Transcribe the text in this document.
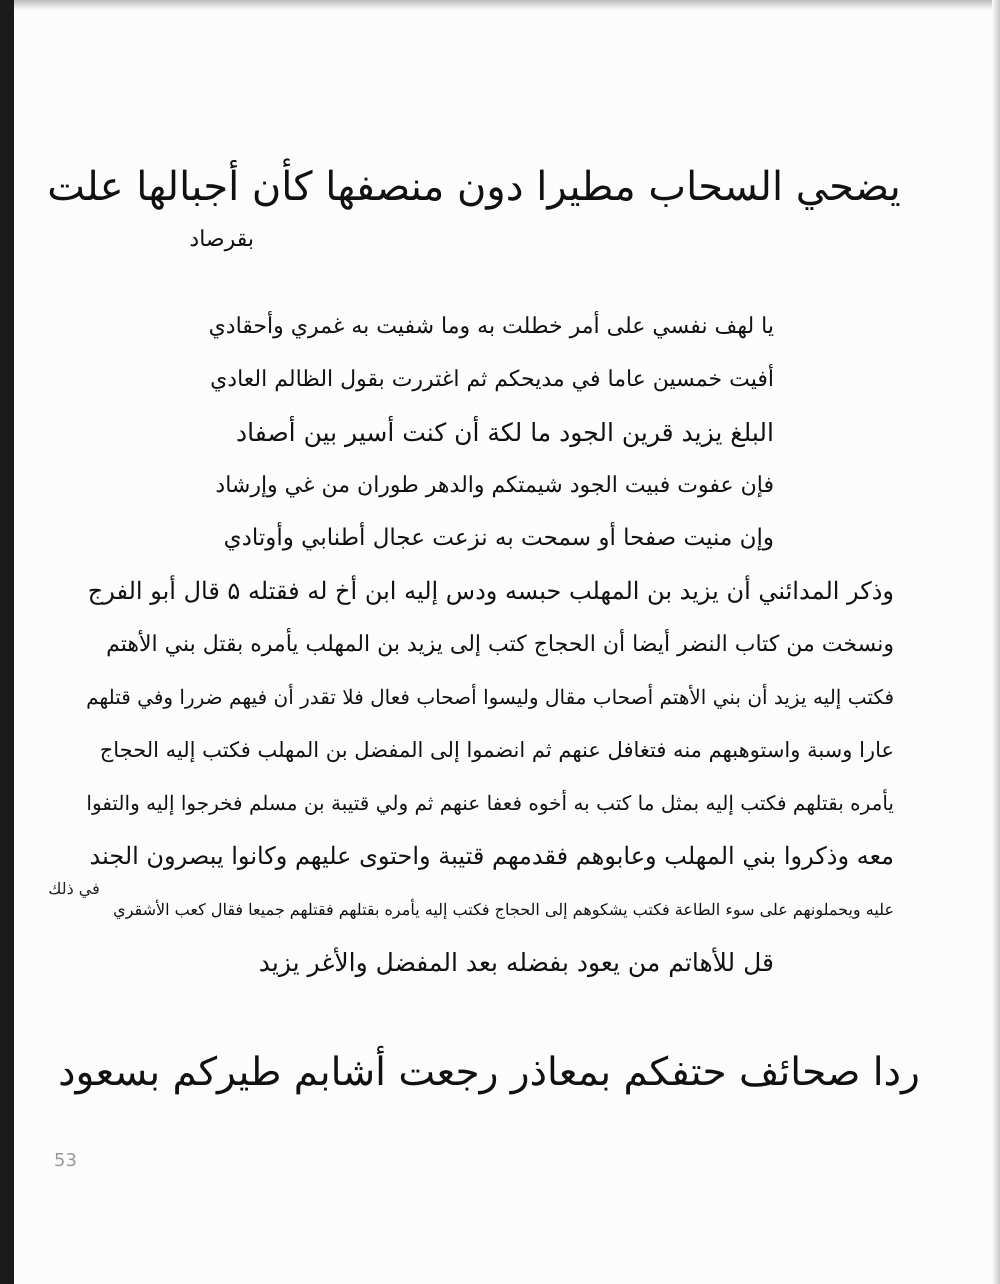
يضحي السحاب مطيرا دون منصفها كأن أجبالها علت
بقرصاد
يا لهف نفسي على أمر خطلت به وما شفيت به غمري وأحقادي
أفيت خمسين عاما في مديحكم ثم اغتررت بقول الظالم العادي
البلغ يزيد قرين الجود ما لكة أن كنت أسير بين أصفاد
فإن عفوت فبيت الجود شيمتكم والدهر طوران من غي وإرشاد
وإن منيت صفحا أو سمحت به نزعت عجال أطنابي وأوتادي
وذكر المدائني أن يزيد بن المهلب حبسه ودس إليه ابن أخ له فقتله ۵ قال أبو الفرج
ونسخت من كتاب النضر أيضا أن الحجاج كتب إلى يزيد بن المهلب يأمره بقتل بني الأهتم
فكتب إليه يزيد أن بني الأهتم أصحاب مقال وليسوا أصحاب فعال فلا تقدر أن فيهم ضررا وفي قتلهم
عارا وسبة واستوهبهم منه فتغافل عنهم ثم انضموا إلى المفضل بن المهلب فكتب إليه الحجاج
يأمره بقتلهم فكتب إليه بمثل ما كتب به أخوه فعفا عنهم ثم ولي قتيبة بن مسلم فخرجوا إليه والتفوا
معه وذكروا بني المهلب وعابوهم فقدمهم قتيبة واحتوى عليهم وكانوا يبصرون الجند
عليه ويحملونهم على سوء الطاعة فكتب يشكوهم إلى الحجاج فكتب إليه يأمره بقتلهم فقتلهم جميعا فقال كعب الأشقري
قل للأهاتم من يعود بفضله بعد المفضل والأغر يزيد
في ذلك
ردا صحائف حتفكم بمعاذر رجعت أشابم طيركم بسعود
53
